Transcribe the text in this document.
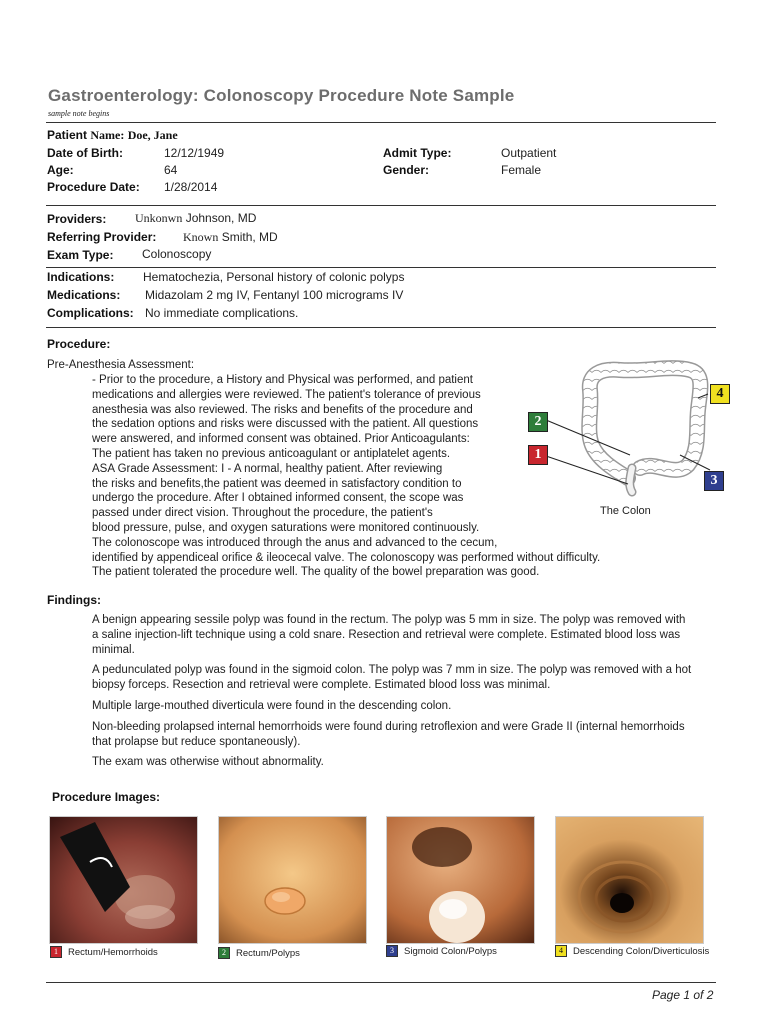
Gastroenterology: Colonoscopy Procedure Note Sample
sample note begins
Patient Name: Doe, Jane
Date of Birth:	12/12/1949
Age:	64
Procedure Date: 1/28/2014
Admit Type:	Outpatient
Gender:	Female
Providers: Unkonwn Johnson, MD
Referring Provider: Known Smith, MD
Exam Type: Colonoscopy
Indications: Hematochezia, Personal history of colonic polyps
Medications: Midazolam 2 mg IV, Fentanyl 100 micrograms IV
Complications: No immediate complications.
Procedure:
Pre-Anesthesia Assessment:
- Prior to the procedure, a History and Physical was performed, and patient
medications and allergies were reviewed. The patient's tolerance of previous
anesthesia was also reviewed. The risks and benefits of the procedure and
the sedation options and risks were discussed with the patient. All questions
were answered, and informed consent was obtained. Prior Anticoagulants:
The patient has taken no previous anticoagulant or antiplatelet agents.
ASA Grade Assessment: I - A normal, healthy patient. After reviewing
the risks and benefits,the patient was deemed in satisfactory condition to
undergo the procedure. After I obtained informed consent, the scope was
passed under direct vision. Throughout the procedure, the patient's
blood pressure, pulse, and oxygen saturations were monitored continuously.
The colonoscope was introduced through the anus and advanced to the cecum,
identified by appendiceal orifice & ileocecal valve. The colonoscopy was performed without difficulty.
The patient tolerated the procedure well. The quality of the bowel preparation was good.
2
1
4
3
The Colon
Findings:

A benign appearing sessile polyp was found in the rectum. The polyp was 5 mm in size. The polyp was removed with a saline injection-lift technique using a cold snare. Resection and retrieval were complete. Estimated blood loss was minimal.

A pedunculated polyp was found in the sigmoid colon. The polyp was 7 mm in size. The polyp was removed with a hot biopsy forceps. Resection and retrieval were complete. Estimated blood loss was minimal.

Multiple large-mouthed diverticula were found in the descending colon.

Non-bleeding prolapsed internal hemorrhoids were found during retroflexion and were Grade II (internal hemorrhoids that prolapse but reduce spontaneously).

The exam was otherwise without abnormality.

Procedure Images:
1	Rectum/Hemorrhoids	2	Rectum/Polyps	3	Sigmoid Colon/Polyps	4	Descending Colon/Diverticulosis
Page 1 of 2
